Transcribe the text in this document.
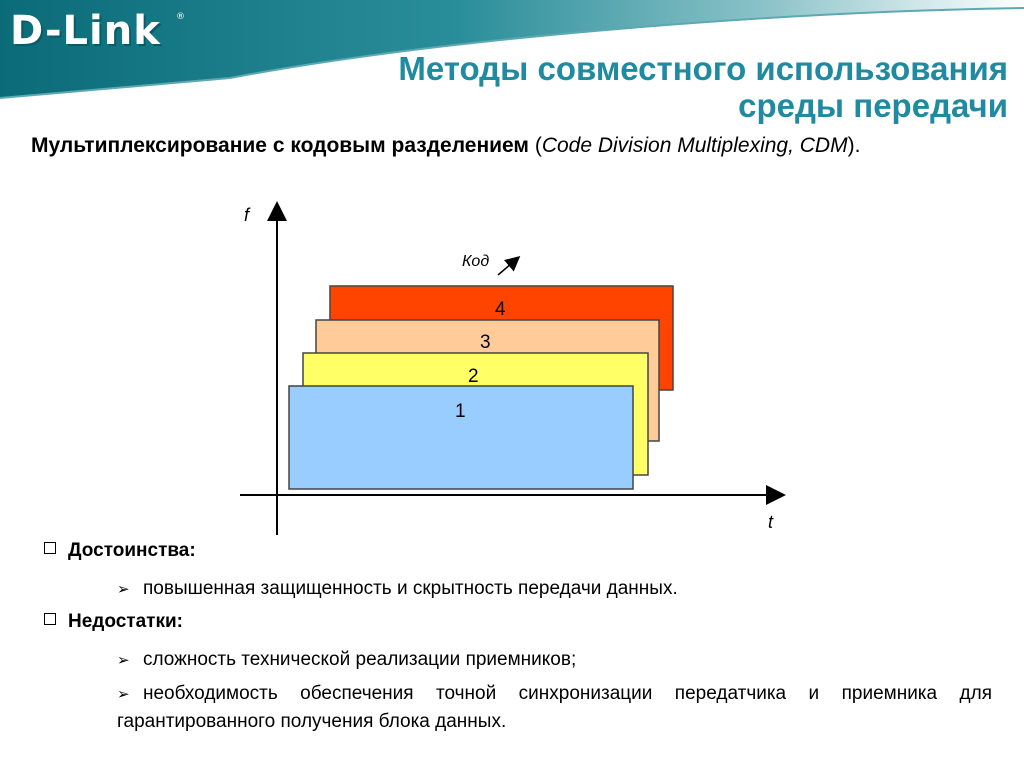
D-Link ®
Методы совместного использования
среды передачи
Мультиплексирование с кодовым разделением (Code Division Multiplexing, CDM).
f
t
4
3
2
1
Код
Достоинства:
➢ повышенная защищенность и скрытность передачи данных.
Недостатки:
➢ сложность технической реализации приемников;
➢ необходимость обеспечения точной синхронизации передатчика и приемника для гарантированного получения блока данных.
